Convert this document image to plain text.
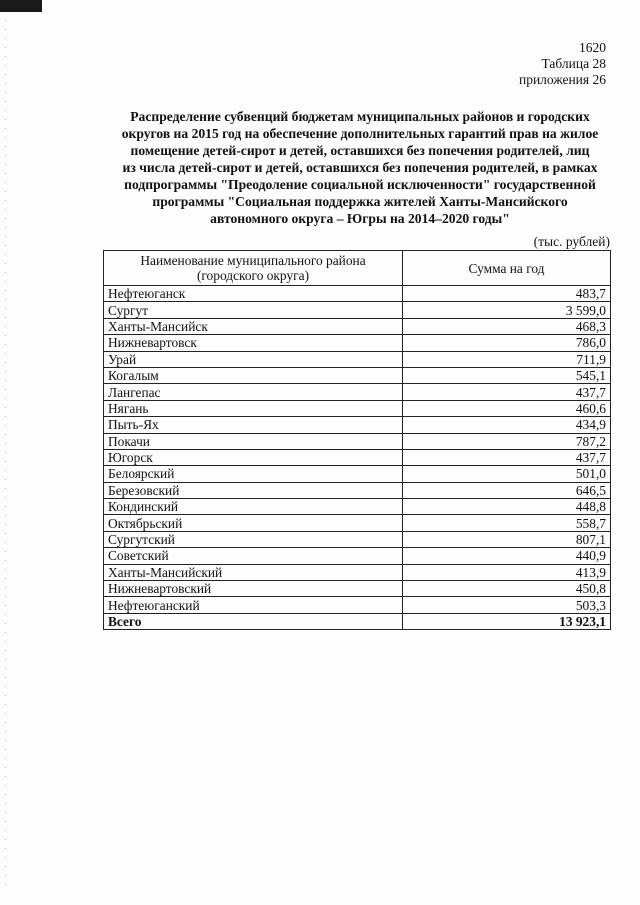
1620
Таблица 28
приложения 26
Распределение субвенций бюджетам муниципальных районов и городских
округов на 2015 год на обеспечение дополнительных гарантий прав на жилое
помещение детей-сирот и детей, оставшихся без попечения родителей, лиц
из числа детей-сирот и детей, оставшихся без попечения родителей, в рамках
подпрограммы "Преодоление социальной исключенности" государственной
программы "Социальная поддержка жителей Ханты-Мансийского
автономного округа – Югры на 2014–2020 годы"
(тыс. рублей)
Наименование муниципального района
(городского округа)	Сумма на год
Нефтеюганск	483,7
Сургут	3 599,0
Ханты-Мансийск	468,3
Нижневартовск	786,0
Урай	711,9
Когалым	545,1
Лангепас	437,7
Нягань	460,6
Пыть-Ях	434,9
Покачи	787,2
Югорск	437,7
Белоярский	501,0
Березовский	646,5
Кондинский	448,8
Октябрьский	558,7
Сургутский	807,1
Советский	440,9
Ханты-Мансийский	413,9
Нижневартовский	450,8
Нефтеюганский	503,3
Всего	13 923,1
